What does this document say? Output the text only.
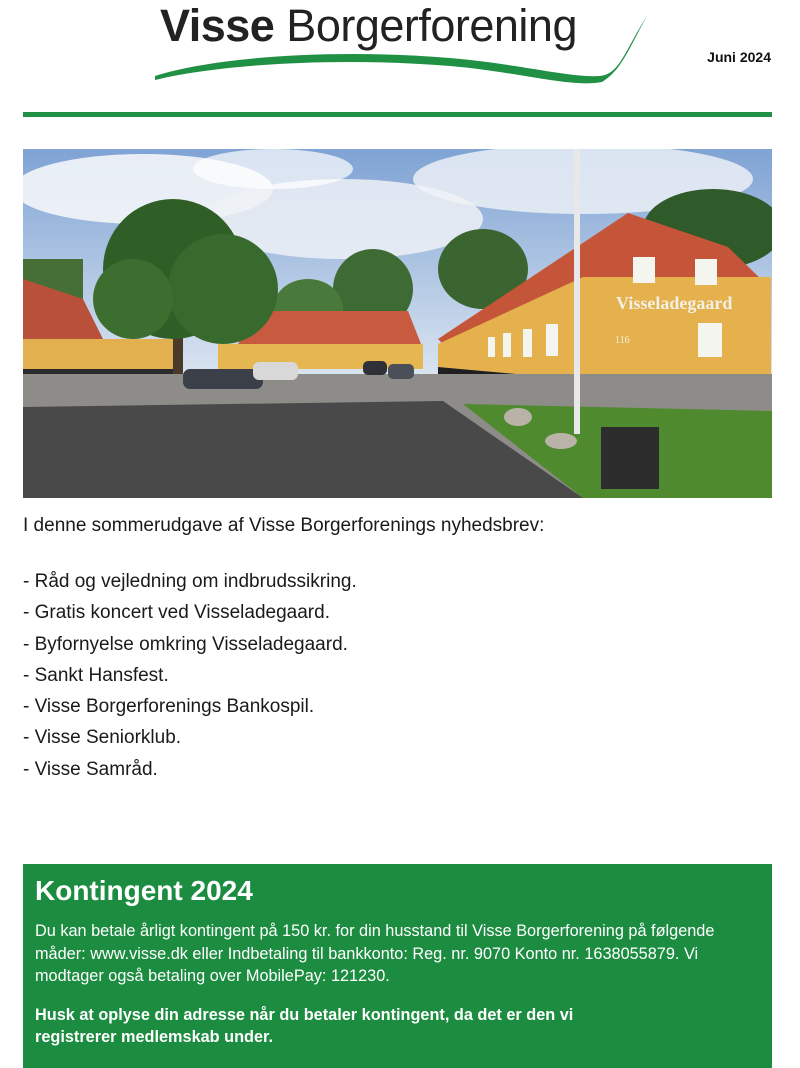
Visse Borgerforening
Juni 2024
Visseladegaard
116
I denne sommerudgave af Visse Borgerforenings nyhedsbrev:
- Råd og vejledning om indbrudssikring.
- Gratis koncert ved Visseladegaard.
- Byfornyelse omkring Visseladegaard.
- Sankt Hansfest.
- Visse Borgerforenings Bankospil.
- Visse Seniorklub.
- Visse Samråd.
Kontingent 2024
Du kan betale årligt kontingent på 150 kr. for din husstand til Visse Borgerforening på følgende måder: www.visse.dk eller Indbetaling til bankkonto: Reg. nr. 9070 Konto nr. 1638055879. Vi modtager også betaling over MobilePay: 121230.
Husk at oplyse din adresse når du betaler kontingent, da det er den vi registrerer medlemskab under.
